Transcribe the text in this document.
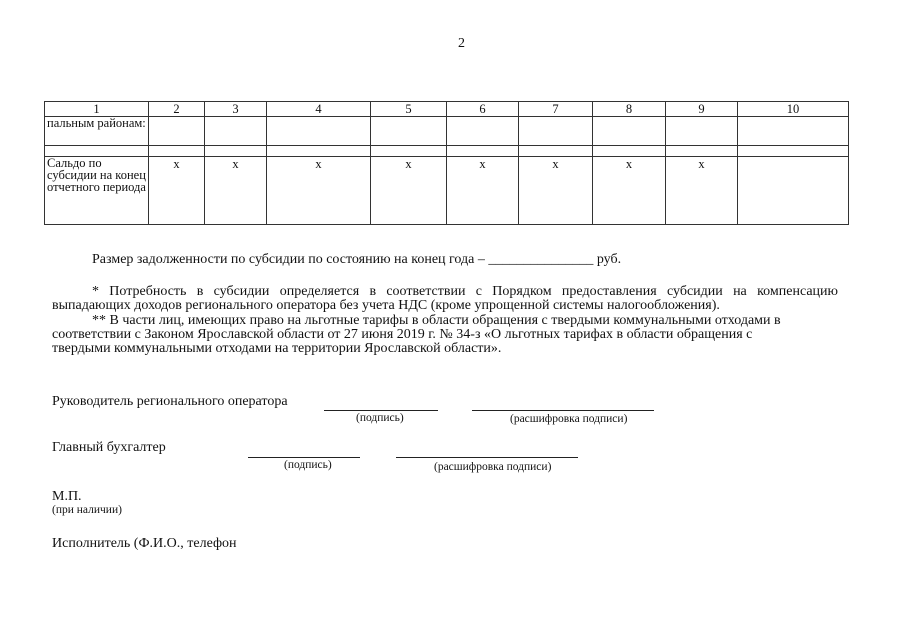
2
1	2	3	4	5	6	7	8	9	10
пальным районам:									

Сальдо по субсидии на конец отчетного периода	x	x	x	x	x	x	x	x	
Размер задолженности по субсидии по состоянию на конец года – _______________ руб.
* Потребность в субсидии определяется в соответствии с Порядком предоставления субсидии на компенсацию выпадающих доходов регионального оператора без учета НДС (кроме упрощенной системы налогообложения).
** В части лиц, имеющих право на льготные тарифы в области обращения с твердыми коммунальными отходами в
соответствии с Законом Ярославской области от 27 июня 2019 г. № 34-з «О льготных тарифах в области обращения с
твердыми коммунальными отходами на территории Ярославской области».
Руководитель регионального оператора
(подпись)	(расшифровка подписи)
Главный бухгалтер
(подпись)	(расшифровка подписи)
М.П.
(при наличии)
Исполнитель (Ф.И.О., телефон
